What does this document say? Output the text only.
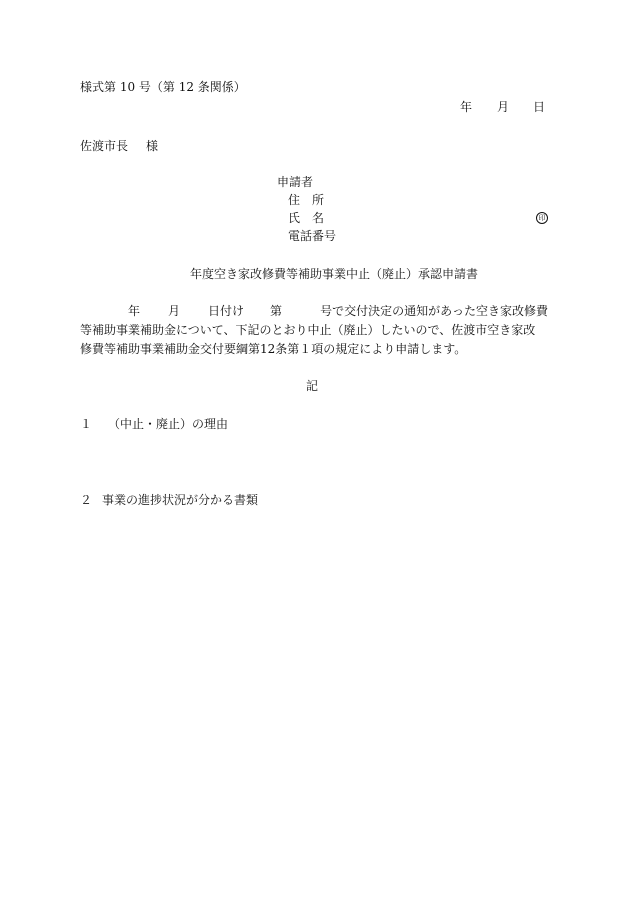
様式第 10 号（第 12 条関係）
年 月 日
佐渡市長 様
申請者
住　所
氏　名	印
電話番号
年度空き家改修費等補助事業中止（廃止）承認申請書
年 月 日付け 第	号で交付決定の通知があった空き家改修費
等補助事業補助金について、下記のとおり中止（廃止）したいので、佐渡市空き家改
修費等補助事業補助金交付要綱第12条第１項の規定により申請します。
記
１ （中止・廃止）の理由
２ 事業の進捗状況が分かる書類
